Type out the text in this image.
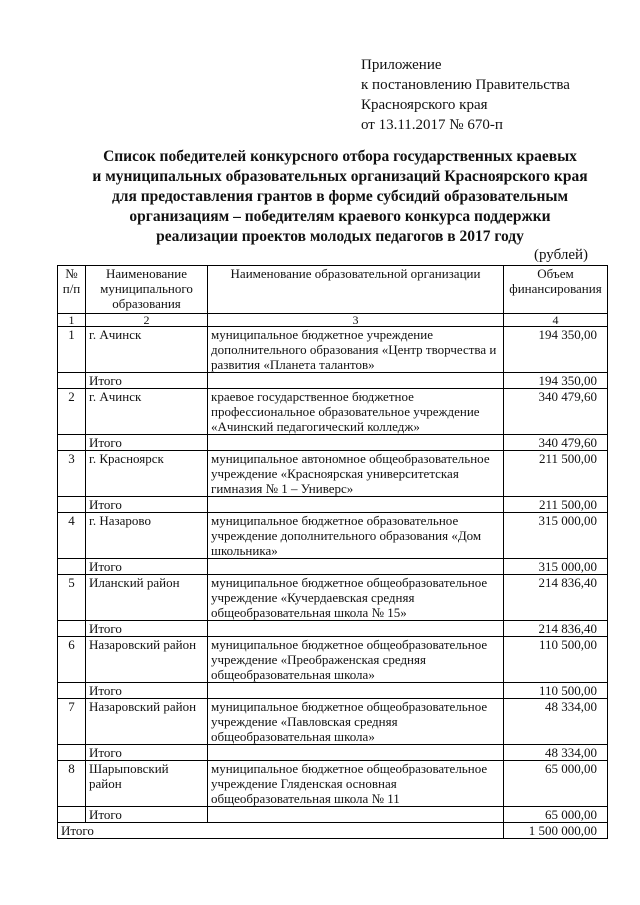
Приложение
к постановлению Правительства
Красноярского края
от 13.11.2017 № 670-п
Список победителей конкурсного отбора государственных краевых
и муниципальных образовательных организаций Красноярского края
для предоставления грантов в форме субсидий образовательным
организациям – победителям краевого конкурса поддержки
реализации проектов молодых педагогов в 2017 году
(рублей)
№ п/п	Наименование муниципального образования	Наименование образовательной организации	Объем финансирования
1	2	3	4
1	г. Ачинск	муниципальное бюджетное учреждение дополнительного образования «Центр творчества и развития «Планета талантов»	194 350,00
	Итого		194 350,00
2	г. Ачинск	краевое государственное бюджетное профессиональное образовательное учреждение «Ачинский педагогический колледж»	340 479,60
	Итого		340 479,60
3	г. Красноярск	муниципальное автономное общеобразовательное учреждение «Красноярская университетская гимназия № 1 – Универс»	211 500,00
	Итого		211 500,00
4	г. Назарово	муниципальное бюджетное образовательное учреждение дополнительного образования «Дом школьника»	315 000,00
	Итого		315 000,00
5	Иланский район	муниципальное бюджетное общеобразовательное учреждение «Кучердаевская средняя общеобразовательная школа № 15»	214 836,40
	Итого		214 836,40
6	Назаровский район	муниципальное бюджетное общеобразовательное учреждение «Преображенская средняя общеобразовательная школа»	110 500,00
	Итого		110 500,00
7	Назаровский район	муниципальное бюджетное общеобразовательное учреждение «Павловская средняя общеобразовательная школа»	48 334,00
	Итого		48 334,00
8	Шарыповский район	муниципальное бюджетное общеобразовательное учреждение Гляденская основная общеобразовательная школа № 11	65 000,00
	Итого		65 000,00
Итого			1 500 000,00
